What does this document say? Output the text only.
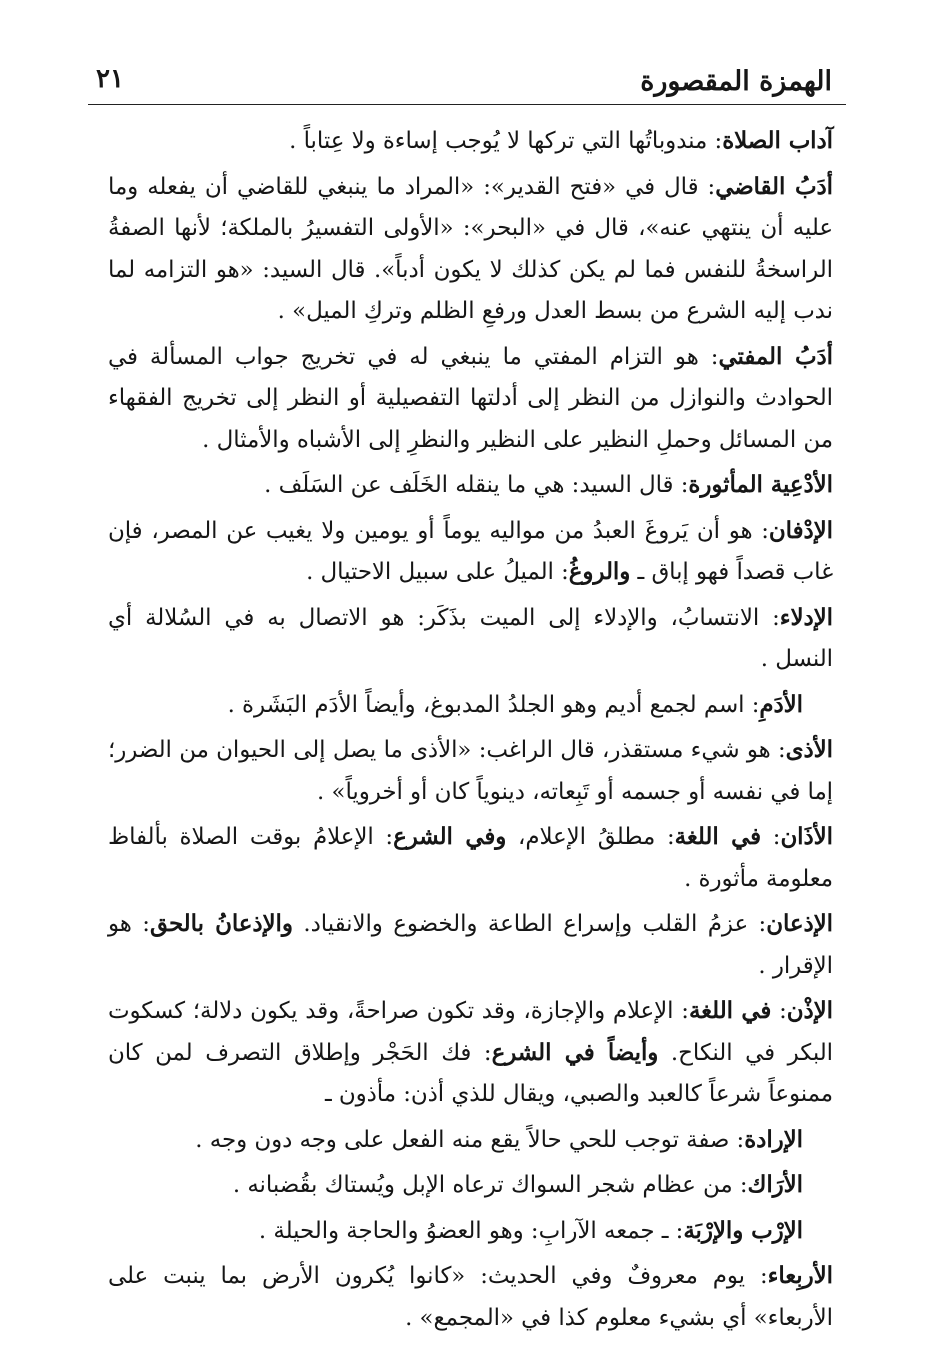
الهمزة المقصورة
٢١

آداب الصلاة: مندوباتُها التي تركها لا يُوجب إساءة ولا عِتاباً .

أدَبُ القاضي: قال في «فتح القدير»: «المراد ما ينبغي للقاضي أن يفعله وما عليه أن ينتهي عنه»، قال في «البحر»: «الأولى التفسيرُ بالملكة؛ لأنها الصفةُ الراسخةُ للنفس فما لم يكن كذلك لا يكون أدباً». قال السيد: «هو التزامه لما ندب إليه الشرع من بسط العدل ورفعِ الظلم وتركِ الميل» .

أدَبُ المفتي: هو التزام المفتي ما ينبغي له في تخريج جواب المسألة في الحوادث والنوازل من النظر إلى أدلتها التفصيلية أو النظر إلى تخريج الفقهاء من المسائل وحملِ النظير على النظير والنظرِ إلى الأشباه والأمثال .

الأدْعِية المأثورة: قال السيد: هي ما ينقله الخَلَف عن السَلَف .

الإدْفان: هو أن يَروغَ العبدُ من مواليه يوماً أو يومين ولا يغيب عن المصر، فإن غاب قصداً فهو إباق ـ والروغُ: الميلُ على سبيل الاحتيال .

الإدلاء: الانتسابُ، والإدلاء إلى الميت بذَكَر: هو الاتصال به في السُلالة أي النسل .

الأدَمِ: اسم لجمع أديم وهو الجلدُ المدبوغ، وأيضاً الأدَم البَشَرة .

الأذى: هو شيء مستقذر، قال الراغب: «الأذى ما يصل إلى الحيوان من الضرر؛ إما في نفسه أو جسمه أو تَبِعاته، دينوياً كان أو أخروياً» .

الأذَان: في اللغة: مطلقُ الإعلام، وفي الشرع: الإعلامُ بوقت الصلاة بألفاظ معلومة مأثورة .

الإذعان: عزمُ القلب وإسراع الطاعة والخضوع والانقياد. والإذعانُ بالحق: هو الإقرار .

الإذْن: في اللغة: الإعلام والإجازة، وقد تكون صراحةً، وقد يكون دلالة؛ كسكوت البكر في النكاح. وأيضاً في الشرع: فك الحَجْر وإطلاق التصرف لمن كان ممنوعاً شرعاً كالعبد والصبي، ويقال للذي أذن: مأذون ـ

الإرادة: صفة توجب للحي حالاً يقع منه الفعل على وجه دون وجه .

الأرَاك: من عظام شجر السواك ترعاه الإبل ويُستاك بقُضبانه .

الإرْب والإرْبَة: ـ جمعه الآرابِ: وهو العضوُ والحاجة والحيلة .

الأربِعاء: يوم معروفٌ وفي الحديث: «كانوا يُكرون الأرض بما ينبت على الأربعاء» أي بشيء معلوم كذا في «المجمع» .
